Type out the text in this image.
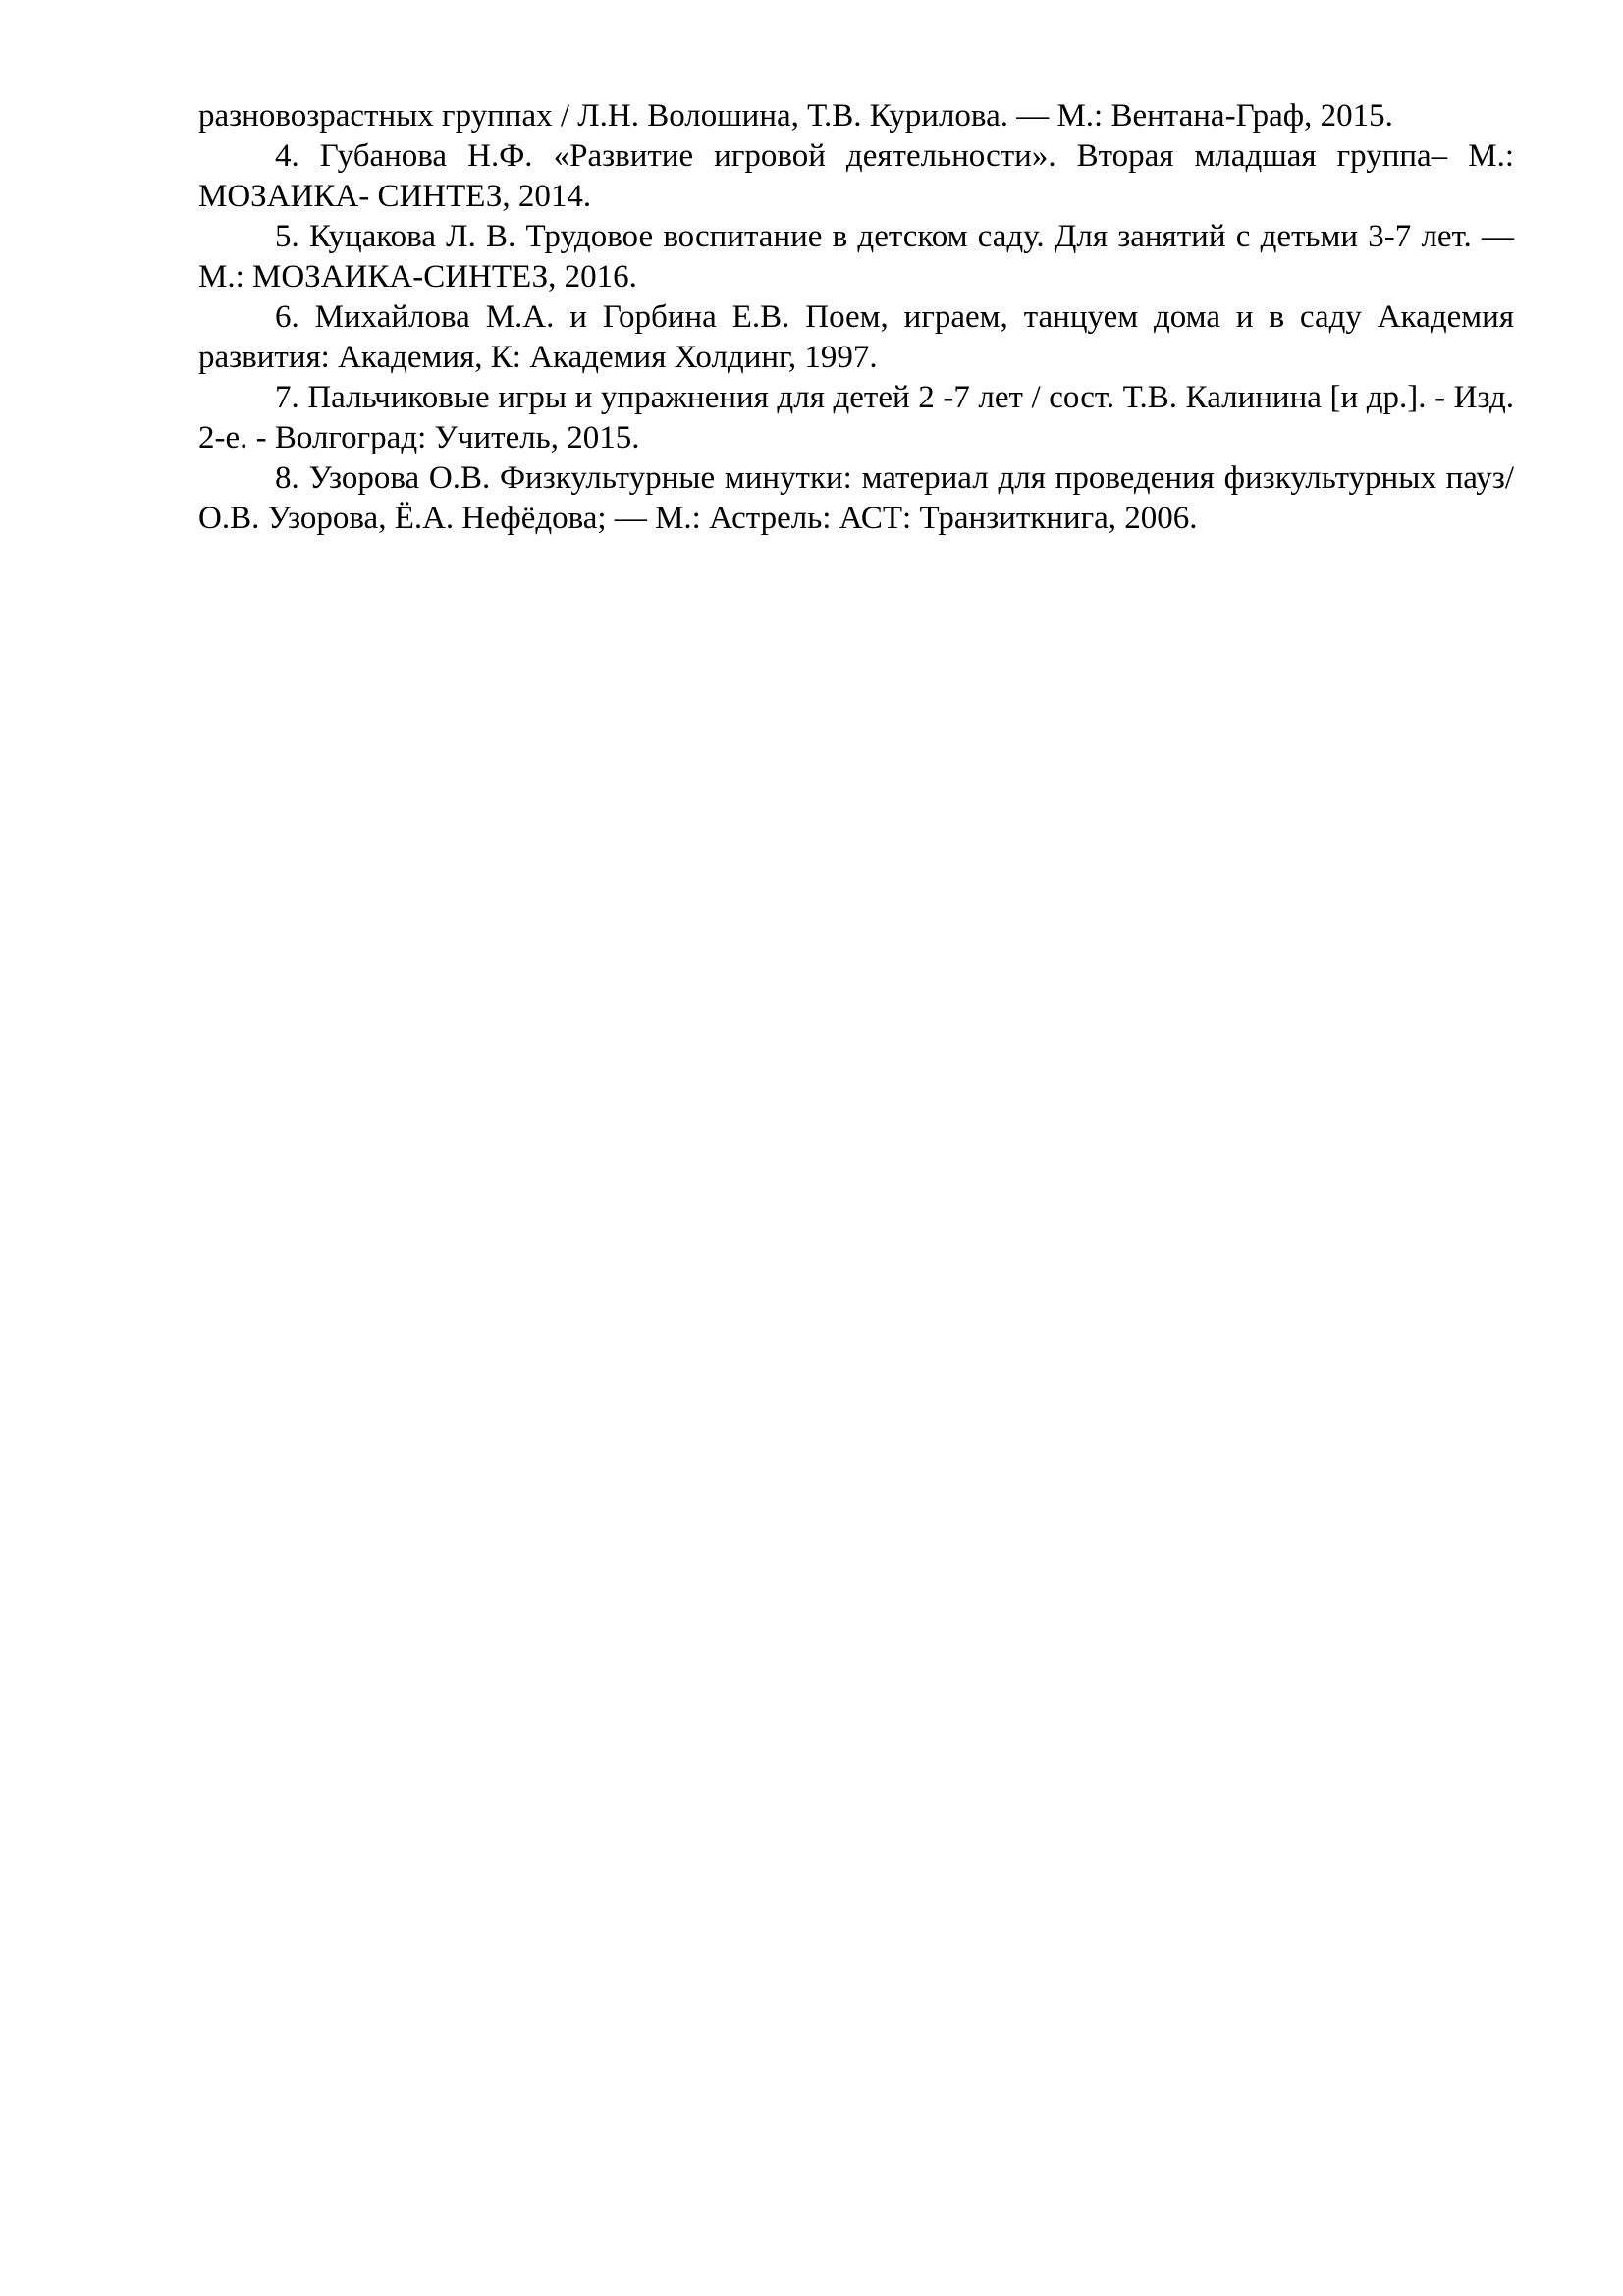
разновозрастных группах / Л.Н. Волошина, Т.В. Курилова. — М.: Вентана-Граф, 2015.

4. Губанова Н.Ф. «Развитие игровой деятельности». Вторая младшая группа– М.: МОЗАИКА- СИНТЕЗ, 2014.

5. Куцакова Л. В. Трудовое воспитание в детском саду. Для занятий с детьми 3-7 лет. —М.: МОЗАИКА-СИНТЕЗ, 2016.

6. Михайлова М.А. и Горбина Е.В. Поем, играем, танцуем дома и в саду Академия развития: Академия, К: Академия Холдинг, 1997.

7. Пальчиковые игры и упражнения для детей 2 -7 лет / сост. Т.В. Калинина [и др.]. - Изд. 2-е. - Волгоград: Учитель, 2015.

8. Узорова О.В. Физкультурные минутки: материал для проведения физкультурных пауз/О.В. Узорова, Ё.А. Нефёдова; — М.: Астрель: АСТ: Транзиткнига, 2006.
